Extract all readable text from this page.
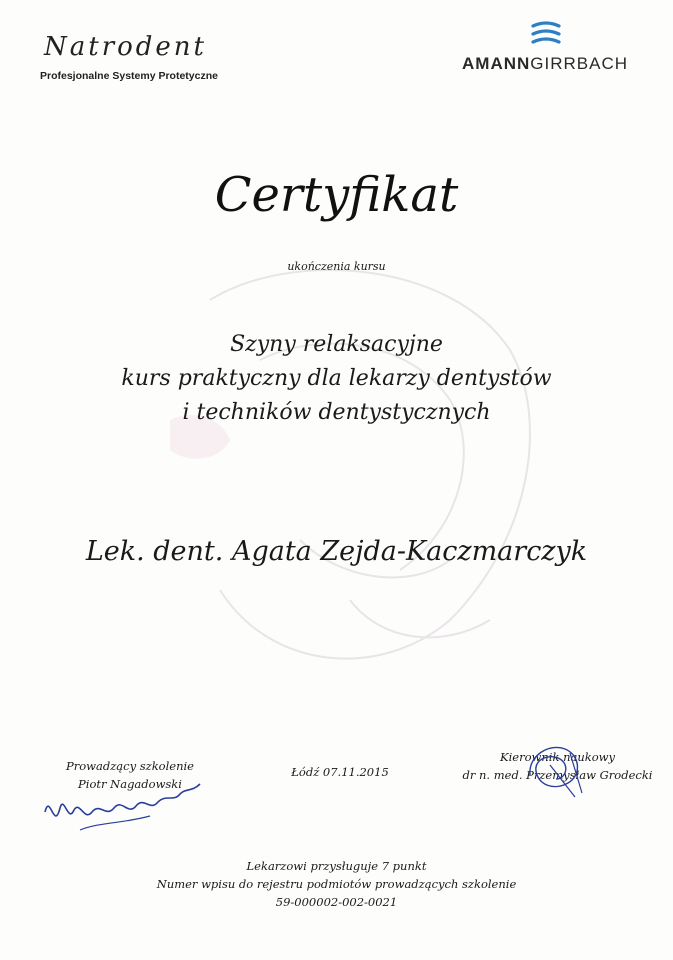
Natrodent
Profesjonalne Systemy Protetyczne
AMANNGIRRBACH
Certyfikat
ukończenia kursu
Szyny relaksacyjne
kurs praktyczny dla lekarzy dentystów
i techników dentystycznych
Lek. dent. Agata Zejda-Kaczmarczyk
Prowadzący szkolenie
Piotr Nagadowski
Łódź 07.11.2015
Kierownik naukowy
dr n. med. Przemysław Grodecki
Lekarzowi przysługuje 7 punkt
Numer wpisu do rejestru podmiotów prowadzących szkolenie
59-000002-002-0021
